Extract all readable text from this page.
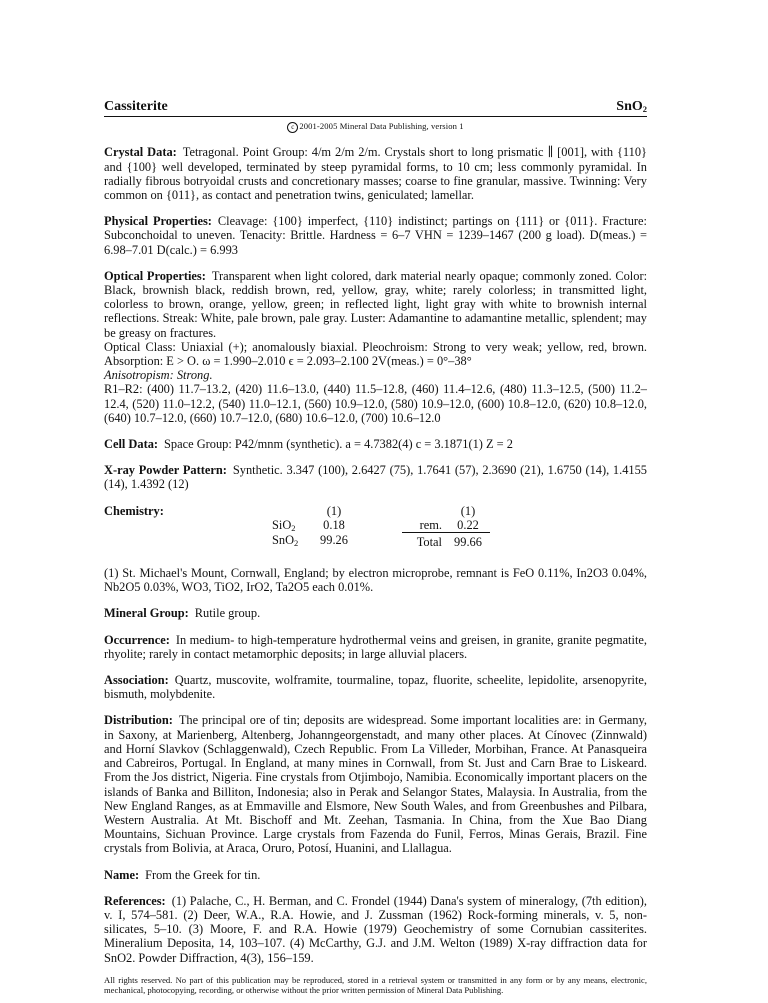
Cassiterite	SnO$_2$
c 2001-2005 Mineral Data Publishing, version 1

Crystal Data: Tetragonal. Point Group: 4/m 2/m 2/m. Crystals short to long prismatic ∥ [001], with {110} and {100} well developed, terminated by steep pyramidal forms, to 10 cm; less commonly pyramidal. In radially fibrous botryoidal crusts and concretionary masses; coarse to fine granular, massive. Twinning: Very common on {011}, as contact and penetration twins, geniculated; lamellar.

Physical Properties: Cleavage: {100} imperfect, {110} indistinct; partings on {111} or {011}. Fracture: Subconchoidal to uneven. Tenacity: Brittle. Hardness = 6–7 VHN = 1239–1467 (200 g load). D(meas.) = 6.98–7.01 D(calc.) = 6.993

Optical Properties: Transparent when light colored, dark material nearly opaque; commonly zoned. Color: Black, brownish black, reddish brown, red, yellow, gray, white; rarely colorless; in transmitted light, colorless to brown, orange, yellow, green; in reflected light, light gray with white to brownish internal reflections. Streak: White, pale brown, pale gray. Luster: Adamantine to adamantine metallic, splendent; may be greasy on fractures.

Optical Class: Uniaxial (+); anomalously biaxial. Pleochroism: Strong to very weak; yellow, red, brown. Absorption: E > O. ω = 1.990–2.010 ϵ = 2.093–2.100 2V(meas.) = 0°–38°

Anisotropism: Strong.

R1–R2: (400) 11.7–13.2, (420) 11.6–13.0, (440) 11.5–12.8, (460) 11.4–12.6, (480) 11.3–12.5, (500) 11.2–12.4, (520) 11.0–12.2, (540) 11.0–12.1, (560) 10.9–12.0, (580) 10.9–12.0, (600) 10.8–12.0, (620) 10.8–12.0, (640) 10.7–12.0, (660) 10.7–12.0, (680) 10.6–12.0, (700) 10.6–12.0

Cell Data: Space Group: P42/mnm (synthetic). a = 4.7382(4) c = 3.1871(1) Z = 2

X-ray Powder Pattern: Synthetic. 3.347 (100), 2.6427 (75), 1.7641 (57), 2.3690 (21), 1.6750 (14), 1.4155 (14), 1.4392 (12)

Chemistry:
		(1)			(1)
SiO$_2$	0.18		rem.	0.22
SnO$_2$	99.26		Total	99.66

(1) St. Michael's Mount, Cornwall, England; by electron microprobe, remnant is FeO 0.11%, In2O3 0.04%, Nb2O5 0.03%, WO3, TiO2, IrO2, Ta2O5 each 0.01%.

Mineral Group: Rutile group.

Occurrence: In medium- to high-temperature hydrothermal veins and greisen, in granite, granite pegmatite, rhyolite; rarely in contact metamorphic deposits; in large alluvial placers.

Association: Quartz, muscovite, wolframite, tourmaline, topaz, fluorite, scheelite, lepidolite, arsenopyrite, bismuth, molybdenite.

Distribution: The principal ore of tin; deposits are widespread. Some important localities are: in Germany, in Saxony, at Marienberg, Altenberg, Johanngeorgenstadt, and many other places. At Cínovec (Zinnwald) and Horní Slavkov (Schlaggenwald), Czech Republic. From La Villeder, Morbihan, France. At Panasqueira and Cabreiros, Portugal. In England, at many mines in Cornwall, from St. Just and Carn Brae to Liskeard. From the Jos district, Nigeria. Fine crystals from Otjimbojo, Namibia. Economically important placers on the islands of Banka and Billiton, Indonesia; also in Perak and Selangor States, Malaysia. In Australia, from the New England Ranges, as at Emmaville and Elsmore, New South Wales, and from Greenbushes and Pilbara, Western Australia. At Mt. Bischoff and Mt. Zeehan, Tasmania. In China, from the Xue Bao Diang Mountains, Sichuan Province. Large crystals from Fazenda do Funil, Ferros, Minas Gerais, Brazil. Fine crystals from Bolivia, at Araca, Oruro, Potosí, Huanini, and Llallagua.

Name: From the Greek for tin.

References: (1) Palache, C., H. Berman, and C. Frondel (1944) Dana's system of mineralogy, (7th edition), v. I, 574–581. (2) Deer, W.A., R.A. Howie, and J. Zussman (1962) Rock-forming minerals, v. 5, non-silicates, 5–10. (3) Moore, F. and R.A. Howie (1979) Geochemistry of some Cornubian cassiterites. Mineralium Deposita, 14, 103–107. (4) McCarthy, G.J. and J.M. Welton (1989) X-ray diffraction data for SnO2. Powder Diffraction, 4(3), 156–159.

All rights reserved. No part of this publication may be reproduced, stored in a retrieval system or transmitted in any form or by any means, electronic, mechanical, photocopying, recording, or otherwise without the prior written permission of Mineral Data Publishing.
